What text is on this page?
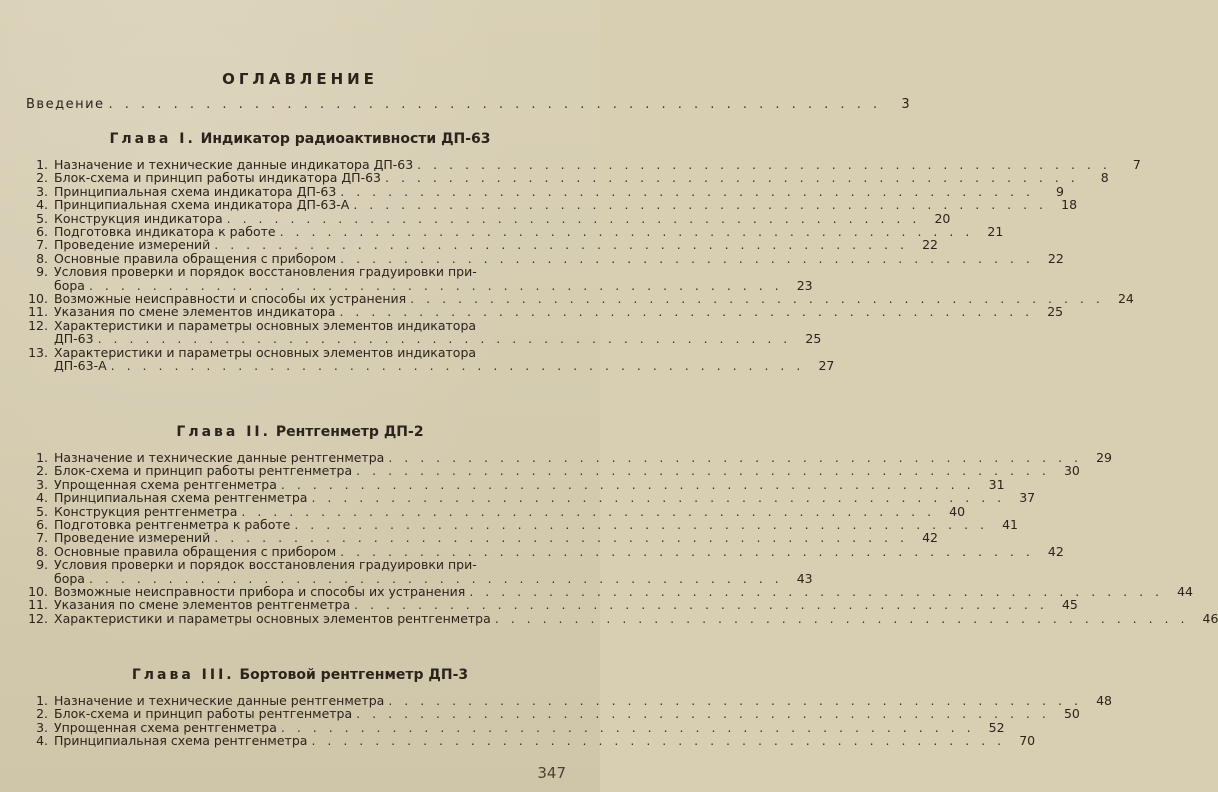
ОГЛАВЛЕНИЕ
Введение . . . . . . . . . . . . . . . . . . . . . . . . . . . . . . . . . . . . . . . . . . . . . . . .	3
Глава I. Индикатор радиоактивности ДП-63
1. Назначение и технические данные индикатора ДП-63 . . . . . . . . . . . . . . . . . . . . . . . . . . . . . . . . . . . . . . . . . . . .	7
2. Блок-схема и принцип работы индикатора ДП-63 . . . . . . . . . . . . . . . . . . . . . . . . . . . . . . . . . . . . . . . . . . . .	8
3. Принципиальная схема индикатора ДП-63 . . . . . . . . . . . . . . . . . . . . . . . . . . . . . . . . . . . . . . . . . . . .	9
4. Принципиальная схема индикатора ДП-63-А . . . . . . . . . . . . . . . . . . . . . . . . . . . . . . . . . . . . . . . . . . . .	18
5. Конструкция индикатора . . . . . . . . . . . . . . . . . . . . . . . . . . . . . . . . . . . . . . . . . . . .	20
6. Подготовка индикатора к работе . . . . . . . . . . . . . . . . . . . . . . . . . . . . . . . . . . . . . . . . . . . .	21
7. Проведение измерений . . . . . . . . . . . . . . . . . . . . . . . . . . . . . . . . . . . . . . . . . . . .	22
8. Основные правила обращения с прибором . . . . . . . . . . . . . . . . . . . . . . . . . . . . . . . . . . . . . . . . . . . .	22
9. Условия проверки и порядок восстановления градуировки при-
бора . . . . . . . . . . . . . . . . . . . . . . . . . . . . . . . . . . . . . . . . . . . .	23
10. Возможные неисправности и способы их устранения . . . . . . . . . . . . . . . . . . . . . . . . . . . . . . . . . . . . . . . . . . . .	24
11. Указания по смене элементов индикатора . . . . . . . . . . . . . . . . . . . . . . . . . . . . . . . . . . . . . . . . . . . .	25
12. Характеристики и параметры основных элементов индикатора
ДП-63 . . . . . . . . . . . . . . . . . . . . . . . . . . . . . . . . . . . . . . . . . . . .	25
13. Характеристики и параметры основных элементов индикатора
ДП-63-А . . . . . . . . . . . . . . . . . . . . . . . . . . . . . . . . . . . . . . . . . . . .	27
Глава II. Рентгенметр ДП-2
1. Назначение и технические данные рентгенметра . . . . . . . . . . . . . . . . . . . . . . . . . . . . . . . . . . . . . . . . . . . .	29
2. Блок-схема и принцип работы рентгенметра . . . . . . . . . . . . . . . . . . . . . . . . . . . . . . . . . . . . . . . . . . . .	30
3. Упрощенная схема рентгенметра . . . . . . . . . . . . . . . . . . . . . . . . . . . . . . . . . . . . . . . . . . . .	31
4. Принципиальная схема рентгенметра . . . . . . . . . . . . . . . . . . . . . . . . . . . . . . . . . . . . . . . . . . . .	37
5. Конструкция рентгенметра . . . . . . . . . . . . . . . . . . . . . . . . . . . . . . . . . . . . . . . . . . . .	40
6. Подготовка рентгенметра к работе . . . . . . . . . . . . . . . . . . . . . . . . . . . . . . . . . . . . . . . . . . . .	41
7. Проведение измерений . . . . . . . . . . . . . . . . . . . . . . . . . . . . . . . . . . . . . . . . . . . .	42
8. Основные правила обращения с прибором . . . . . . . . . . . . . . . . . . . . . . . . . . . . . . . . . . . . . . . . . . . .	42
9. Условия проверки и порядок восстановления градуировки при-
бора . . . . . . . . . . . . . . . . . . . . . . . . . . . . . . . . . . . . . . . . . . . .	43
10. Возможные неисправности прибора и способы их устранения . . . . . . . . . . . . . . . . . . . . . . . . . . . . . . . . . . . . . . . . . . . .	44
11. Указания по смене элементов рентгенметра . . . . . . . . . . . . . . . . . . . . . . . . . . . . . . . . . . . . . . . . . . . .	45
12. Характеристики и параметры основных элементов рентгенметра . . . . . . . . . . . . . . . . . . . . . . . . . . . . . . . . . . . . . . . . . . . .	46
Глава III. Бортовой рентгенметр ДП-3
1. Назначение и технические данные рентгенметра . . . . . . . . . . . . . . . . . . . . . . . . . . . . . . . . . . . . . . . . . . . .	48
2. Блок-схема и принцип работы рентгенметра . . . . . . . . . . . . . . . . . . . . . . . . . . . . . . . . . . . . . . . . . . . .	50
3. Упрощенная схема рентгенметра . . . . . . . . . . . . . . . . . . . . . . . . . . . . . . . . . . . . . . . . . . . .	52
4. Принципиальная схема рентгенметра . . . . . . . . . . . . . . . . . . . . . . . . . . . . . . . . . . . . . . . . . . . .	70
347
